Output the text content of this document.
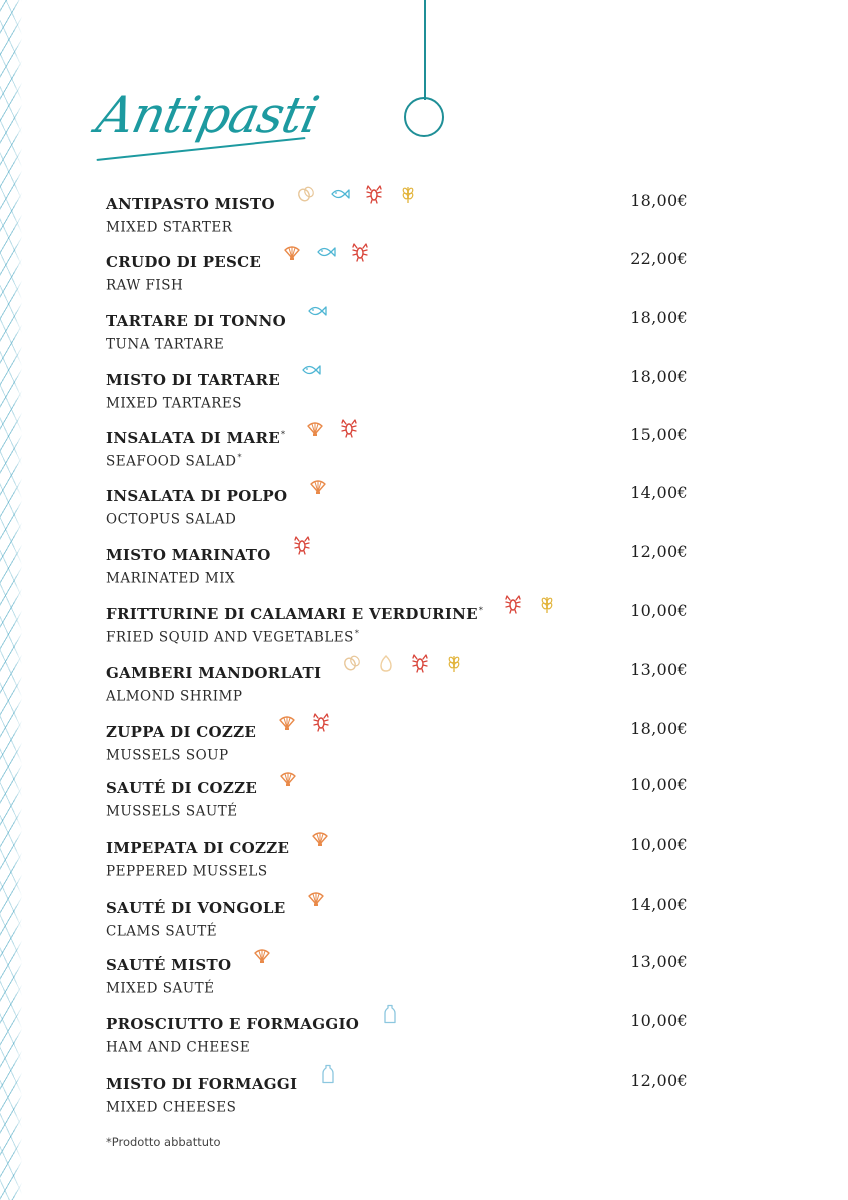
Antipasti
ANTIPASTO MISTO
MIXED STARTER
18,00€
CRUDO DI PESCE
RAW FISH
22,00€
TARTARE DI TONNO
TUNA TARTARE
18,00€
MISTO DI TARTARE
MIXED TARTARES
18,00€
INSALATA DI MARE*
SEAFOOD SALAD*
15,00€
INSALATA DI POLPO
OCTOPUS SALAD
14,00€
MISTO MARINATO
MARINATED MIX
12,00€
FRITTURINE DI CALAMARI E VERDURINE*
FRIED SQUID AND VEGETABLES*
10,00€
GAMBERI MANDORLATI
ALMOND SHRIMP
13,00€
ZUPPA DI COZZE
MUSSELS SOUP
18,00€
SAUTÉ DI COZZE
MUSSELS SAUTÉ
10,00€
IMPEPATA DI COZZE
PEPPERED MUSSELS
10,00€
SAUTÉ DI VONGOLE
CLAMS SAUTÉ
14,00€
SAUTÉ MISTO
MIXED SAUTÉ
13,00€
PROSCIUTTO E FORMAGGIO
HAM AND CHEESE
10,00€
MISTO DI FORMAGGI
MIXED CHEESES
12,00€
*Prodotto abbattuto
